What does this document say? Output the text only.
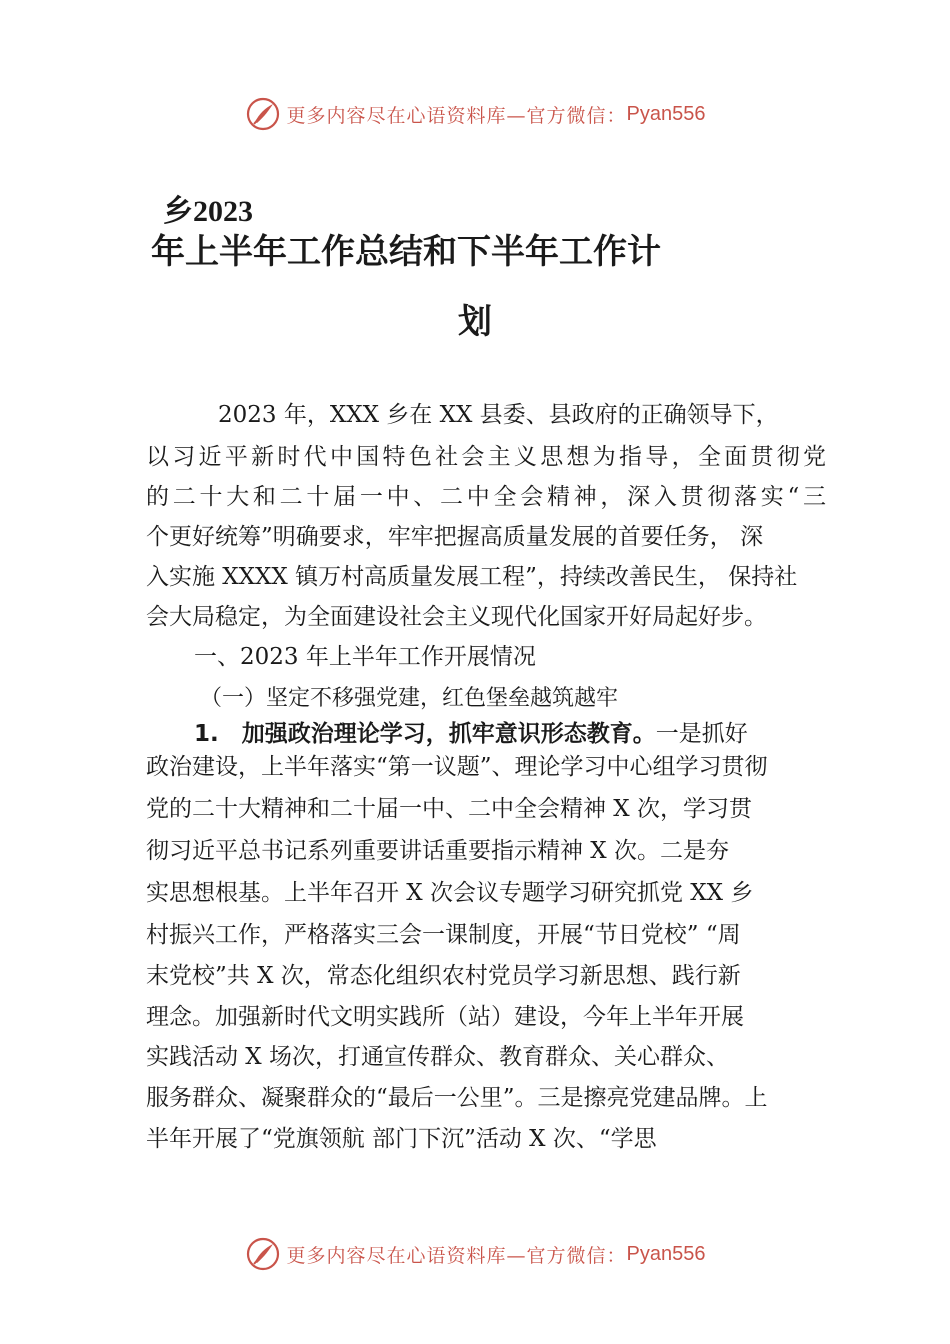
更多内容尽在心语资料库—官方微信： Pyan556
乡2023
年上半年工作总结和下半年工作计
划
2023 年，XXX 乡在 XX 县委、县政府的正确领导下，
以习近平新时代中国特色社会主义思想为指导，全面贯彻党
的二十大和二十届一中、二中全会精神，深入贯彻落实“三
个更好统筹”明确要求，牢牢把握高质量发展的首要任务， 深
入实施 XXXX 镇万村高质量发展工程”，持续改善民生， 保持社
会大局稳定，为全面建设社会主义现代化国家开好局起好步。
一、2023 年上半年工作开展情况
（一）坚定不移强党建，红色堡垒越筑越牢
1.　加强政治理论学习，抓牢意识形态教育。一是抓好
政治建设，上半年落实“第一议题”、理论学习中心组学习贯彻
党的二十大精神和二十届一中、二中全会精神 X 次，学习贯
彻习近平总书记系列重要讲话重要指示精神 X 次。二是夯
实思想根基。上半年召开 X 次会议专题学习研究抓党 XX 乡
村振兴工作，严格落实三会一课制度，开展“节日党校” “周
末党校”共 X 次，常态化组织农村党员学习新思想、践行新
理念。加强新时代文明实践所（站）建设，今年上半年开展
实践活动 X 场次，打通宣传群众、教育群众、关心群众、
服务群众、凝聚群众的“最后一公里”。三是擦亮党建品牌。上
半年开展了“党旗领航 部门下沉”活动 X 次、“学思
更多内容尽在心语资料库—官方微信： Pyan556
